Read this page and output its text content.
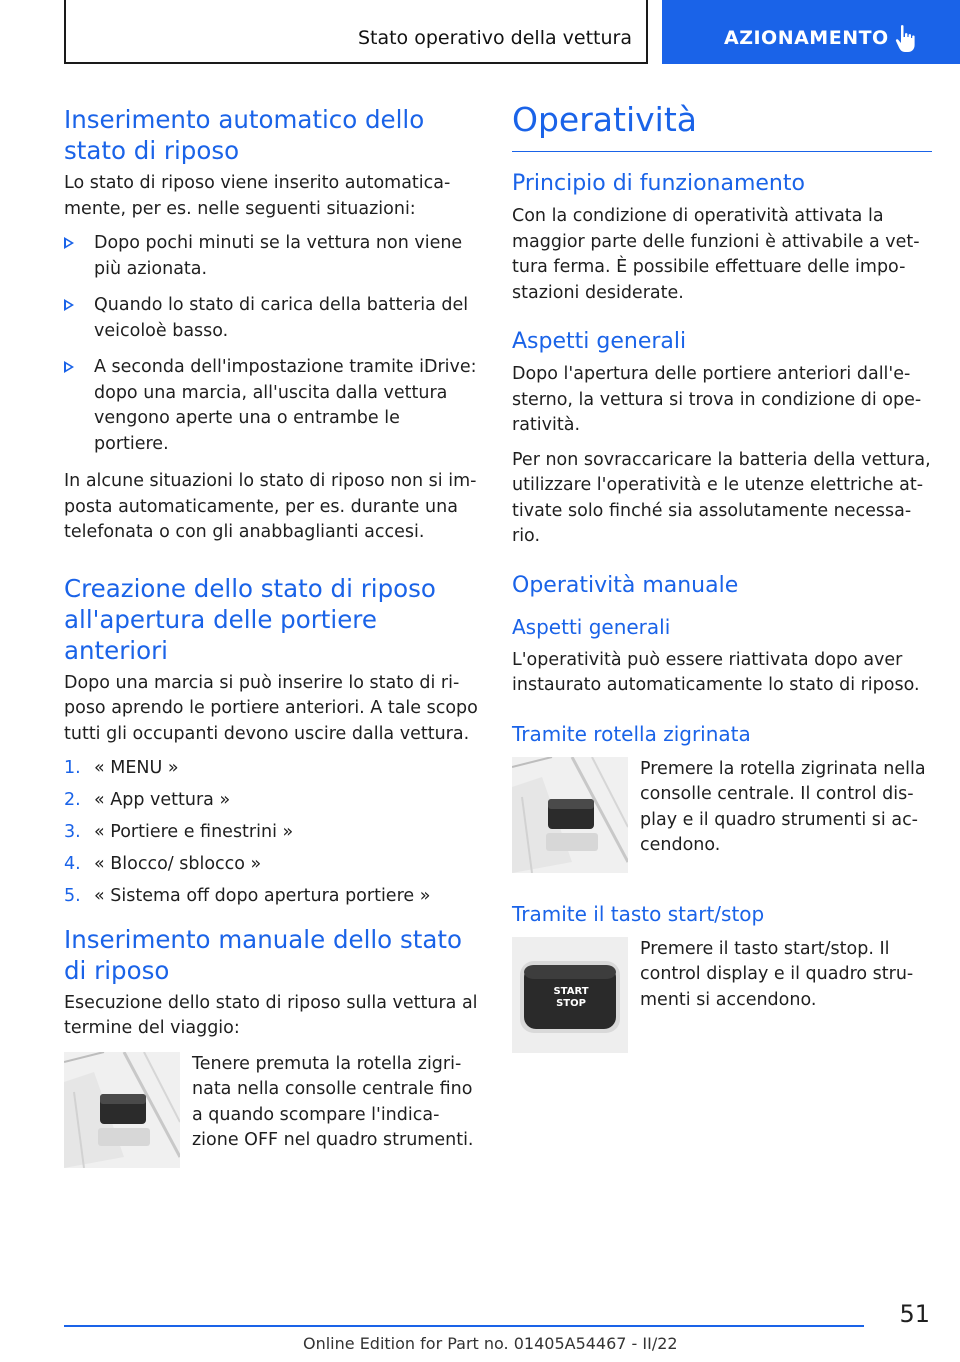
Stato operativo della vettura	AZIONAMENTO
Inserimento automatico dello stato di riposo

Lo stato di riposo viene inserito automatica-mente, per es. nelle seguenti situazioni:

Dopo pochi minuti se la vettura non viene più azionata.
Quando lo stato di carica della batteria del veicoloè basso.
A seconda dell'impostazione tramite iDrive: dopo una marcia, all'uscita dalla vettura vengono aperte una o entrambe le portiere.

In alcune situazioni lo stato di riposo non si im-posta automaticamente, per es. durante una telefonata o con gli anabbaglianti accesi.

Creazione dello stato di riposo all'apertura delle portiere anteriori

Dopo una marcia si può inserire lo stato di ri-poso aprendo le portiere anteriori. A tale scopo tutti gli occupanti devono uscire dalla vettura.

1. « MENU »
2. « App vettura »
3. « Portiere e finestrini »
4. « Blocco/ sblocco »
5. « Sistema off dopo apertura portiere »
Inserimento manuale dello stato di riposo

Esecuzione dello stato di riposo sulla vettura al termine del viaggio:

Tenere premuta la rotella zigri-nata nella consolle centrale fino a quando scompare l'indica-zione OFF nel quadro strumenti.

Operatività
Principio di funzionamento

Con la condizione di operatività attivata la maggior parte delle funzioni è attivabile a vet-tura ferma. È possibile effettuare delle impo-stazioni desiderate.

Aspetti generali

Dopo l'apertura delle portiere anteriori dall'e-sterno, la vettura si trova in condizione di ope-ratività.

Per non sovraccaricare la batteria della vettura, utilizzare l'operatività e le utenze elettriche at-tivate solo finché sia assolutamente necessa-rio.

Operatività manuale
Aspetti generali

L'operatività può essere riattivata dopo aver instaurato automaticamente lo stato di riposo.

Tramite rotella zigrinata

Premere la rotella zigrinata nella consolle centrale. Il control dis-play e il quadro strumenti si ac-cendono.

Tramite il tasto start/stop
START
STOP

Premere il tasto start/stop. Il control display e il quadro stru-menti si accendono.

51
Online Edition for Part no. 01405A54467 - II/22
